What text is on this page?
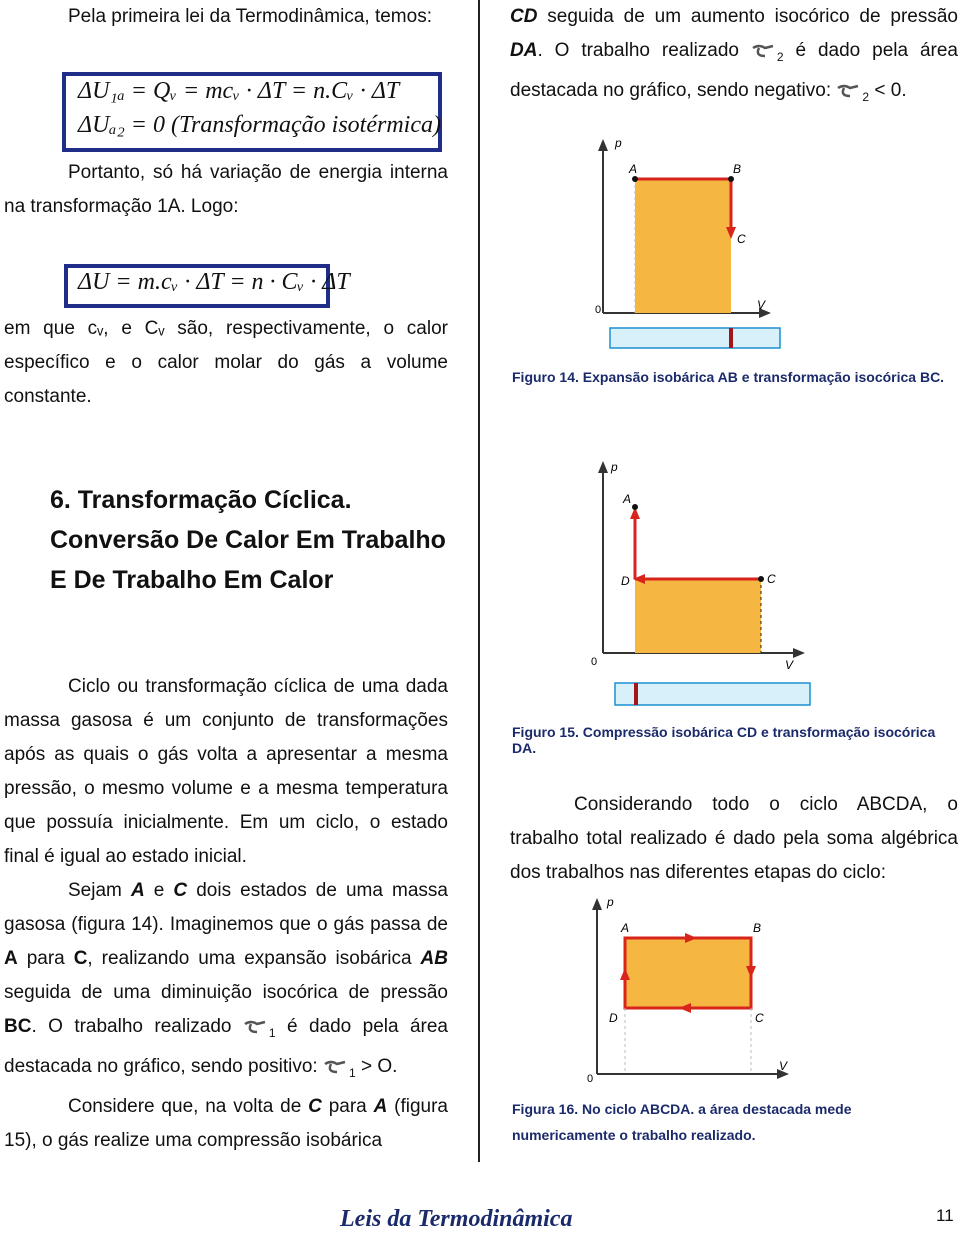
Pela primeira lei da Termodinâmica, temos:

ΔU₁ₐ = Qᵥ = mcᵥ · ΔT = n.Cᵥ · ΔT
ΔUₐ₂ = 0 (Transformação isotérmica)

Portanto, só há variação de energia interna na transformação 1A. Logo:

ΔU = m.cᵥ · ΔT = n · Cᵥ · ΔT

em que cᵥ, e Cᵥ são, respectivamente, o calor específico e o calor molar do gás a volume constante.

6. Transformação Cíclica. Conversão De Calor Em Trabalho E De Trabalho Em Calor

Ciclo ou transformação cíclica de uma dada massa gasosa é um conjunto de transformações após as quais o gás volta a apresentar a mesma pressão, o mesmo volume e a mesma temperatura que possuía inicialmente. Em um ciclo, o estado final é igual ao estado inicial.

Sejam A e C dois estados de uma massa gasosa (figura 14). Imaginemos que o gás passa de A para C, realizando uma expansão isobárica AB seguida de uma diminuição isocórica de pressão BC. O trabalho realizado $_1$ é dado pela área destacada no gráfico, sendo positivo: $_1$ > O.

Considere que, na volta de C para A (figura 15), o gás realize uma compressão isobárica

CD seguida de um aumento isocórico de pressão DA. O trabalho realizado $_2$ é dado pela área destacada no gráfico, sendo negativo: $_2$ < 0.

p
A	B
C
0	V

Figuro 14. Expansão isobárica AB e transformação isocórica BC.

p
A
D	C
0	V

Figuro 15. Compressão isobárica CD e transformação isocórica DA.

Considerando todo o ciclo ABCDA, o trabalho total realizado é dado pela soma algébrica dos trabalhos nas diferentes etapas do ciclo:

p
A	B
C
D
0
V

Figura 16. No ciclo ABCDA. a área destacada mede numericamente o trabalho realizado.

Leis da Termodinâmica	11
